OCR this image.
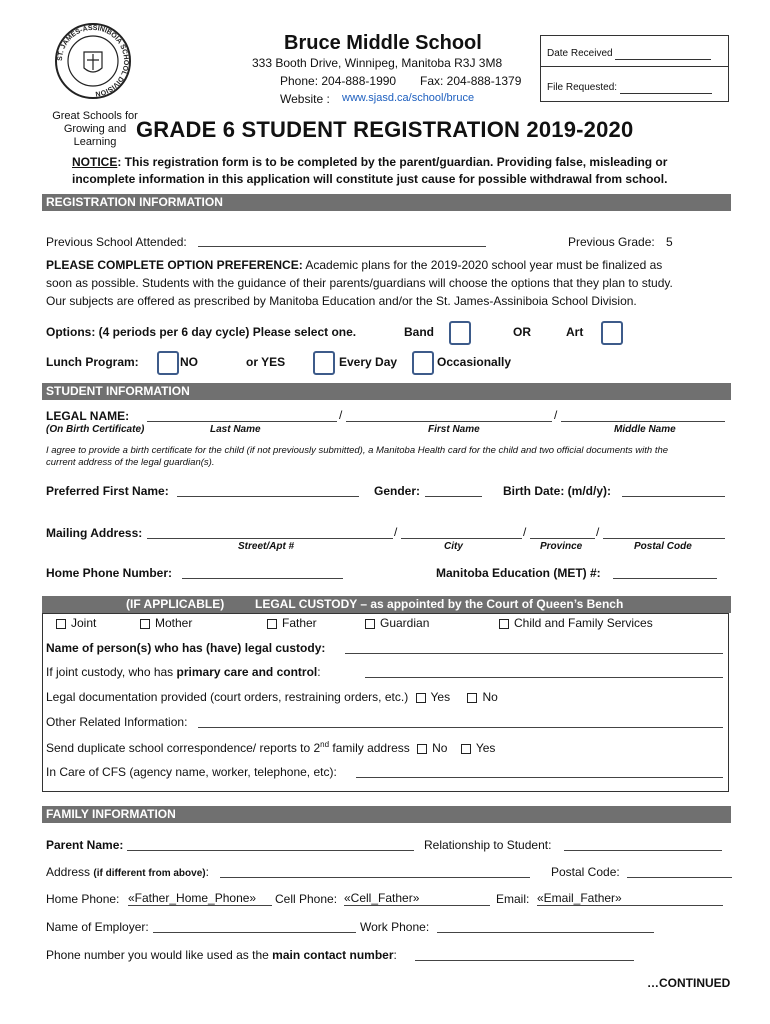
ST. JAMES-ASSINIBOIA SCHOOL DIVISION
Great Schools for
Growing and
Learning
Bruce Middle School
333 Booth Drive, Winnipeg, Manitoba R3J 3M8
Phone: 204-888-1990 Fax: 204-888-1379
Website : www.sjasd.ca/school/bruce
Date Received
File Requested:
GRADE 6 STUDENT REGISTRATION 2019-2020
NOTICE: This registration form is to be completed by the parent/guardian. Providing false, misleading or incomplete information in this application will constitute just cause for possible withdrawal from school.
REGISTRATION INFORMATION
Previous School Attended:	Previous Grade: 5
PLEASE COMPLETE OPTION PREFERENCE: Academic plans for the 2019-2020 school year must be finalized as
soon as possible. Students with the guidance of their parents/guardians will choose the options that they plan to study.
Our subjects are offered as prescribed by Manitoba Education and/or the St. James-Assiniboia School Division.
Options: (4 periods per 6 day cycle) Please select one.	Band	OR	Art
Lunch Program:	NO	or YES	Every Day	Occasionally
STUDENT INFORMATION
LEGAL NAME:	/	/
(On Birth Certificate)	Last Name	First Name	Middle Name
I agree to provide a birth certificate for the child (if not previously submitted), a Manitoba Health card for the child and two official documents with the
current address of the legal guardian(s).
Preferred First Name:	Gender:	Birth Date: (m/d/y):
Mailing Address:	/	/	/
Street/Apt #	City	Province	Postal Code
Home Phone Number:	Manitoba Education (MET) #:
(IF APPLICABLE)	LEGAL CUSTODY – as appointed by the Court of Queen’s Bench
Joint	Mother	Father	Guardian	Child and Family Services
Name of person(s) who has (have) legal custody:
If joint custody, who has primary care and control:
Legal documentation provided (court orders, restraining orders, etc.) Yes	No
Other Related Information:
Send duplicate school correspondence/ reports to 2nd family address No Yes
In Care of CFS (agency name, worker, telephone, etc):
FAMILY INFORMATION
Parent Name:	Relationship to Student:
Address (if different from above):	Postal Code:
Home Phone: «Father_Home_Phone»	Cell Phone: «Cell_Father»	Email: «Email_Father»
Name of Employer:	Work Phone:
Phone number you would like used as the main contact number:
…CONTINUED
